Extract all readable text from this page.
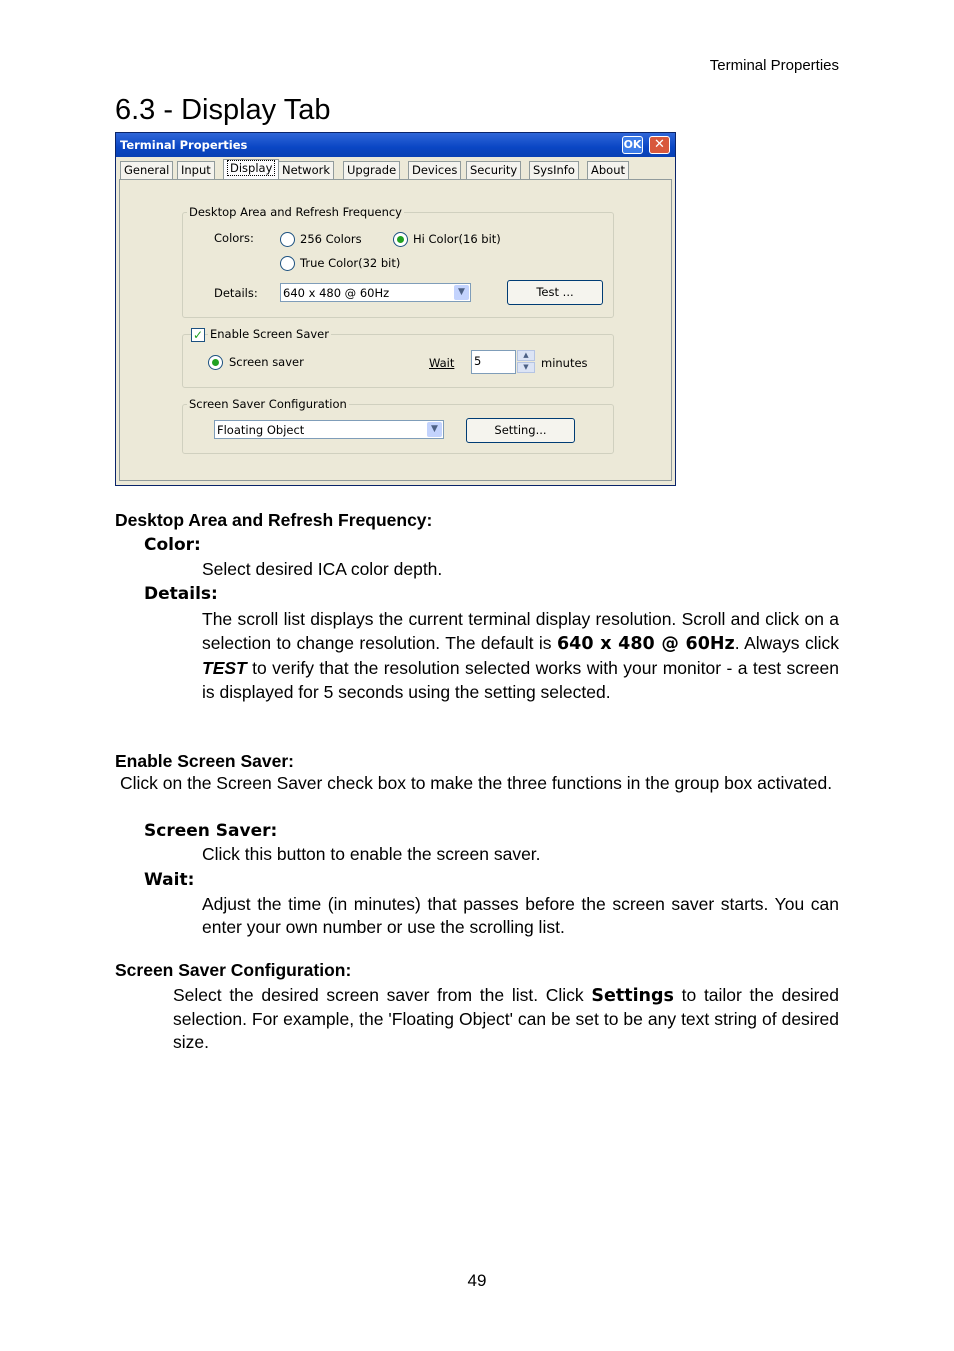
Terminal Properties
6.3 - Display Tab
Terminal Properties	OK ✕
General	Input	Display Network	Upgrade	Devices	Security	SysInfo	About
Desktop Area and Refresh Frequency
Colors:	256 Colors	Hi Color(16 bit)
True Color(32 bit)
Details: 640 x 480 @ 60Hz	▼	Test ...
✓ Enable Screen Saver
Screen saver	Wait 5	▲
▼	minutes
Screen Saver Configuration
Floating Object	▼	Setting...
Desktop Area and Refresh Frequency:
Color:
Select desired ICA color depth.
Details:
The scroll list displays the current terminal display resolution. Scroll and click on a selection to change resolution. The default is 640 x 480 @ 60Hz. Always click TEST to verify that the resolution selected works with your monitor - a test screen is displayed for 5 seconds using the setting selected.
Enable Screen Saver:
Click on the Screen Saver check box to make the three functions in the group box activated.
Screen Saver:
Click this button to enable the screen saver.
Wait:
Adjust the time (in minutes) that passes before the screen saver starts. You can enter your own number or use the scrolling list.
Screen Saver Configuration:
Select the desired screen saver from the list. Click Settings to tailor the desired selection. For example, the 'Floating Object' can be set to be any text string of desired size.
49
